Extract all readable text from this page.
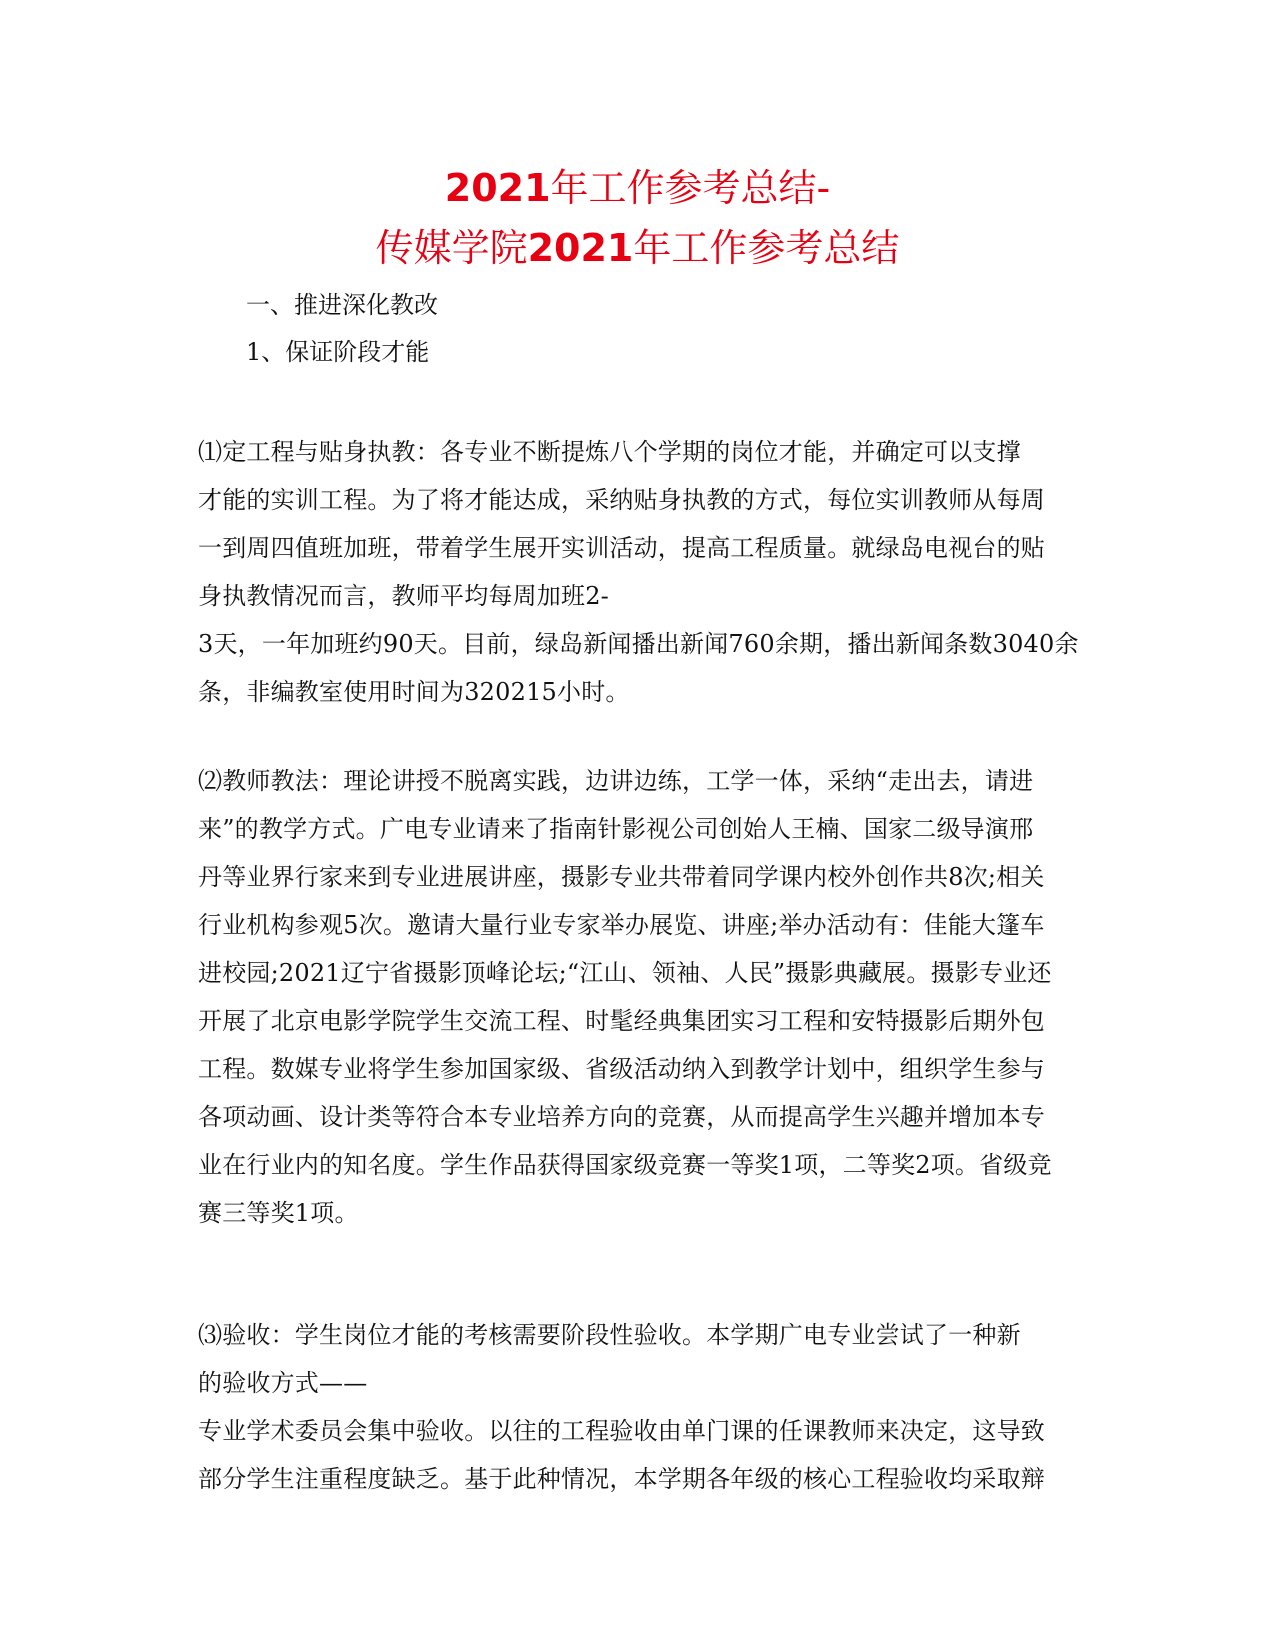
2021年工作参考总结-
传媒学院2021年工作参考总结
一、推进深化教改
1、保证阶段才能
⑴定工程与贴身执教：各专业不断提炼八个学期的岗位才能，并确定可以支撑
才能的实训工程。为了将才能达成，采纳贴身执教的方式，每位实训教师从每周
一到周四值班加班，带着学生展开实训活动，提高工程质量。就绿岛电视台的贴
身执教情况而言，教师平均每周加班2-
3天，一年加班约90天。目前，绿岛新闻播出新闻760余期，播出新闻条数3040余
条，非编教室使用时间为320215小时。
⑵教师教法：理论讲授不脱离实践，边讲边练，工学一体，采纳“走出去，请进
来”的教学方式。广电专业请来了指南针影视公司创始人王楠、国家二级导演邢
丹等业界行家来到专业进展讲座，摄影专业共带着同学课内校外创作共8次;相关
行业机构参观5次。邀请大量行业专家举办展览、讲座;举办活动有：佳能大篷车
进校园;2021辽宁省摄影顶峰论坛;“江山、领袖、人民”摄影典藏展。摄影专业还
开展了北京电影学院学生交流工程、时髦经典集团实习工程和安特摄影后期外包
工程。数媒专业将学生参加国家级、省级活动纳入到教学计划中，组织学生参与
各项动画、设计类等符合本专业培养方向的竞赛，从而提高学生兴趣并增加本专
业在行业内的知名度。学生作品获得国家级竞赛一等奖1项，二等奖2项。省级竞
赛三等奖1项。
⑶验收：学生岗位才能的考核需要阶段性验收。本学期广电专业尝试了一种新
的验收方式——
专业学术委员会集中验收。以往的工程验收由单门课的任课教师来决定，这导致
部分学生注重程度缺乏。基于此种情况，本学期各年级的核心工程验收均采取辩
